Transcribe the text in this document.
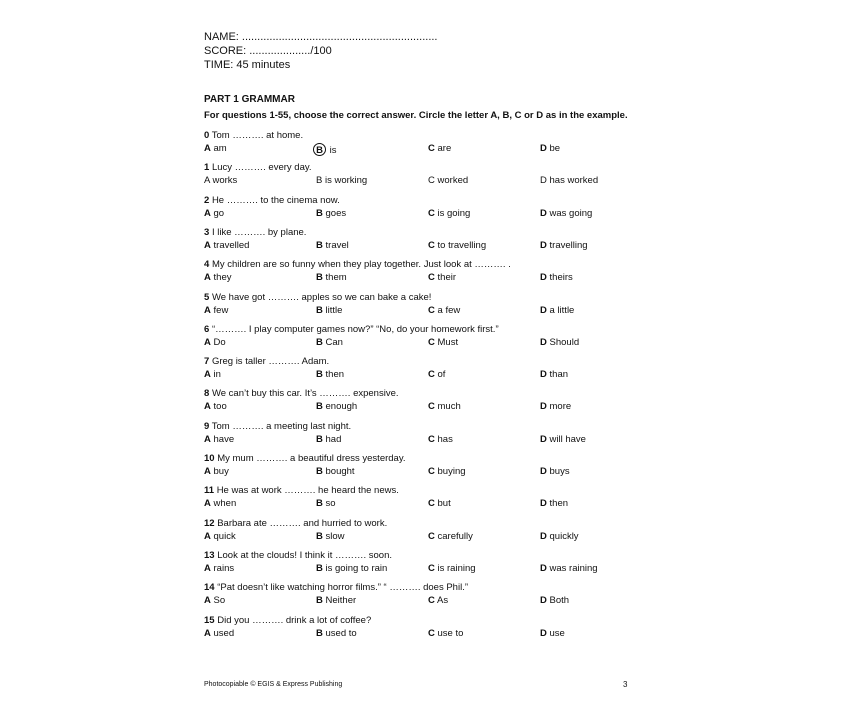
NAME: ................................................................
SCORE: ..................../100
TIME: 45 minutes
PART 1 GRAMMAR
For questions 1-55, choose the correct answer. Circle the letter A, B, C or D as in the example.
0 Tom ………. at home.
A am	B is	C are	D be
1 Lucy ………. every day.
A works	B is working	C worked	D has worked
2 He ………. to the cinema now.
A go	B goes	C is going	D was going
3 I like ………. by plane.
A travelled	B travel	C to travelling	D travelling
4 My children are so funny when they play together. Just look at ………. .
A they	B them	C their	D theirs
5 We have got ………. apples so we can bake a cake!
A few	B little	C a few	D a little
6 “………. I play computer games now?” “No, do your homework first.”
A Do	B Can	C Must	D Should
7 Greg is taller ………. Adam.
A in	B then	C of	D than
8 We can’t buy this car. It’s ………. expensive.
A too	B enough	C much	D more
9 Tom ………. a meeting last night.
A have	B had	C has	D will have
10 My mum ………. a beautiful dress yesterday.
A buy	B bought	C buying	D buys
11 He was at work ………. he heard the news.
A when	B so	C but	D then
12 Barbara ate ………. and hurried to work.
A quick	B slow	C carefully	D quickly
13 Look at the clouds! I think it ………. soon.
A rains	B is going to rain	C is raining	D was raining
14 “Pat doesn’t like watching horror films.” “ ………. does Phil.”
A So	B Neither	C As	D Both
15 Did you ………. drink a lot of coffee?
A used	B used to	C use to	D use
Photocopiable © EGIS & Express Publishing	3
